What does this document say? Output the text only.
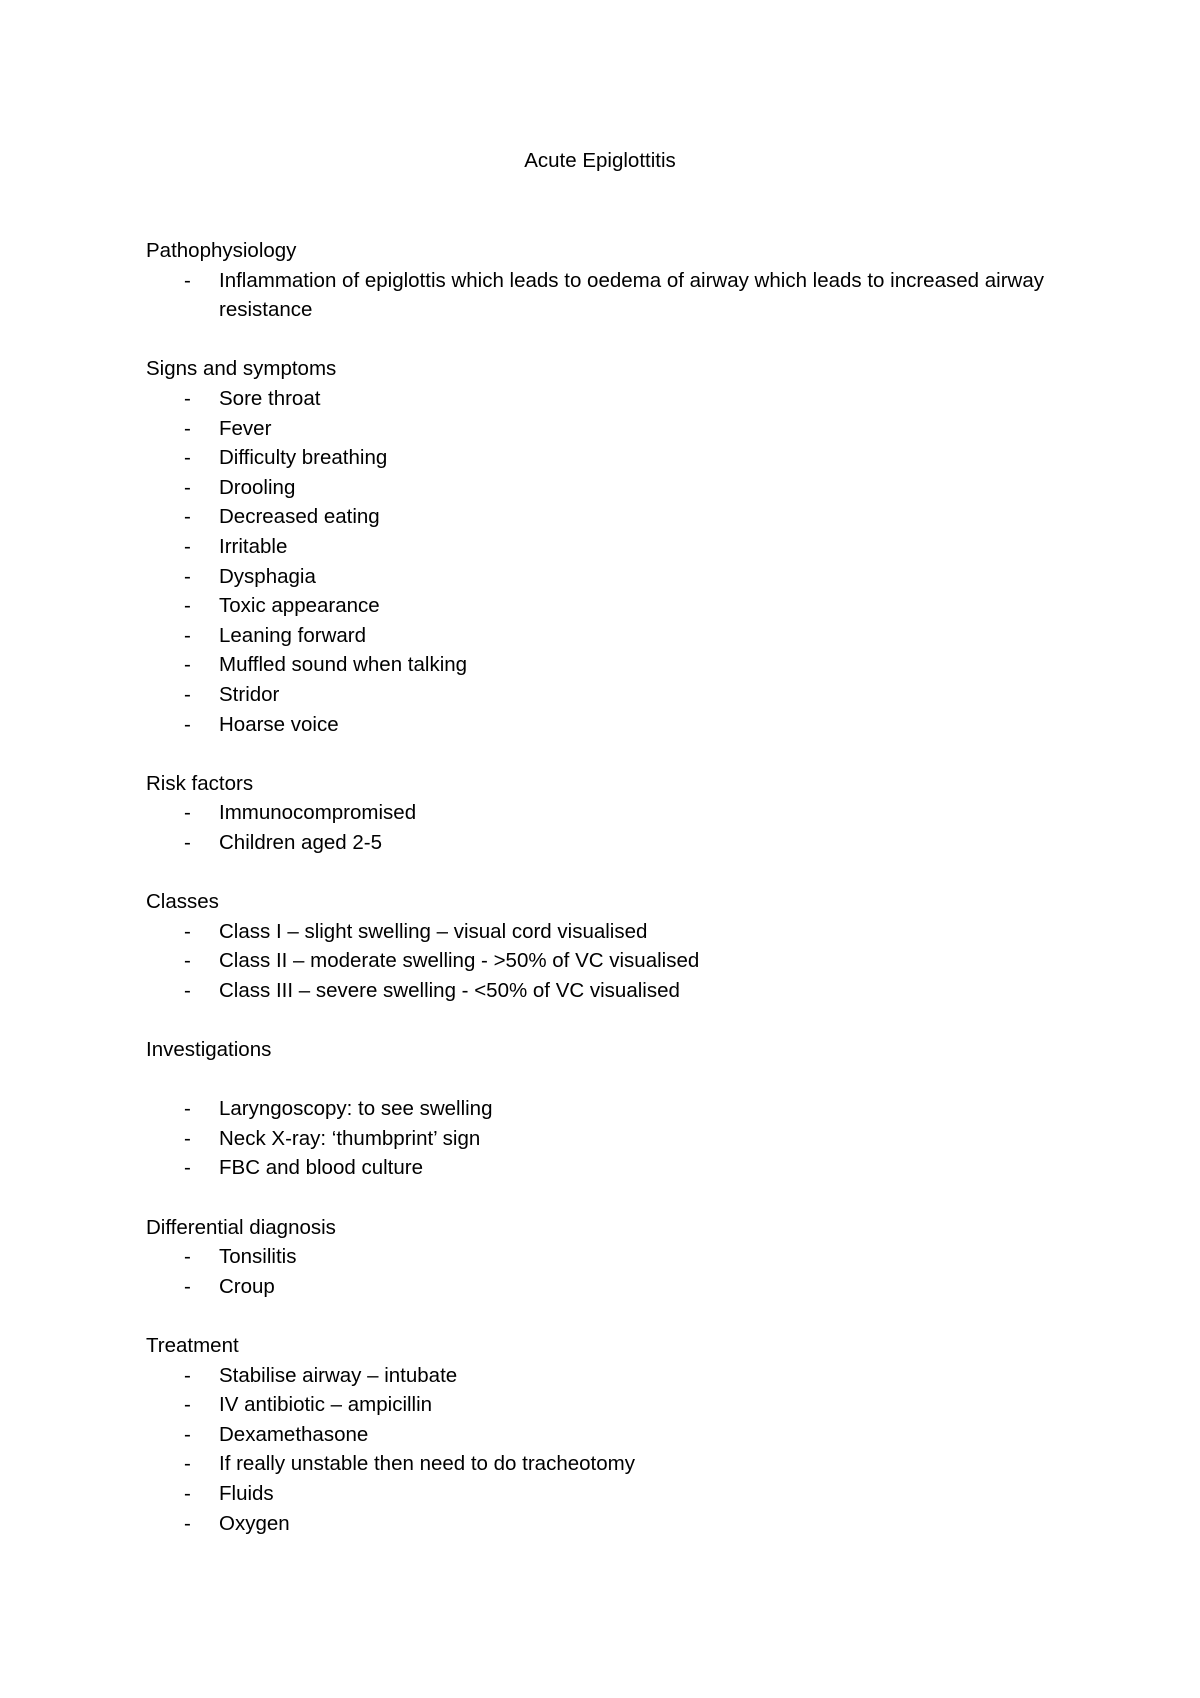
Acute Epiglottitis
Pathophysiology
- Inflammation of epiglottis which leads to oedema of airway which leads to increased airway resistance
Signs and symptoms
- Sore throat
- Fever
- Difficulty breathing
- Drooling
- Decreased eating
- Irritable
- Dysphagia
- Toxic appearance
- Leaning forward
- Muffled sound when talking
- Stridor
- Hoarse voice
Risk factors
- Immunocompromised
- Children aged 2-5
Classes
- Class I – slight swelling – visual cord visualised
- Class II – moderate swelling - >50% of VC visualised
- Class III – severe swelling - <50% of VC visualised
Investigations
- Laryngoscopy: to see swelling
- Neck X-ray: ‘thumbprint’ sign
- FBC and blood culture
Differential diagnosis
- Tonsilitis
- Croup
Treatment
- Stabilise airway – intubate
- IV antibiotic – ampicillin
- Dexamethasone
- If really unstable then need to do tracheotomy
- Fluids
- Oxygen
